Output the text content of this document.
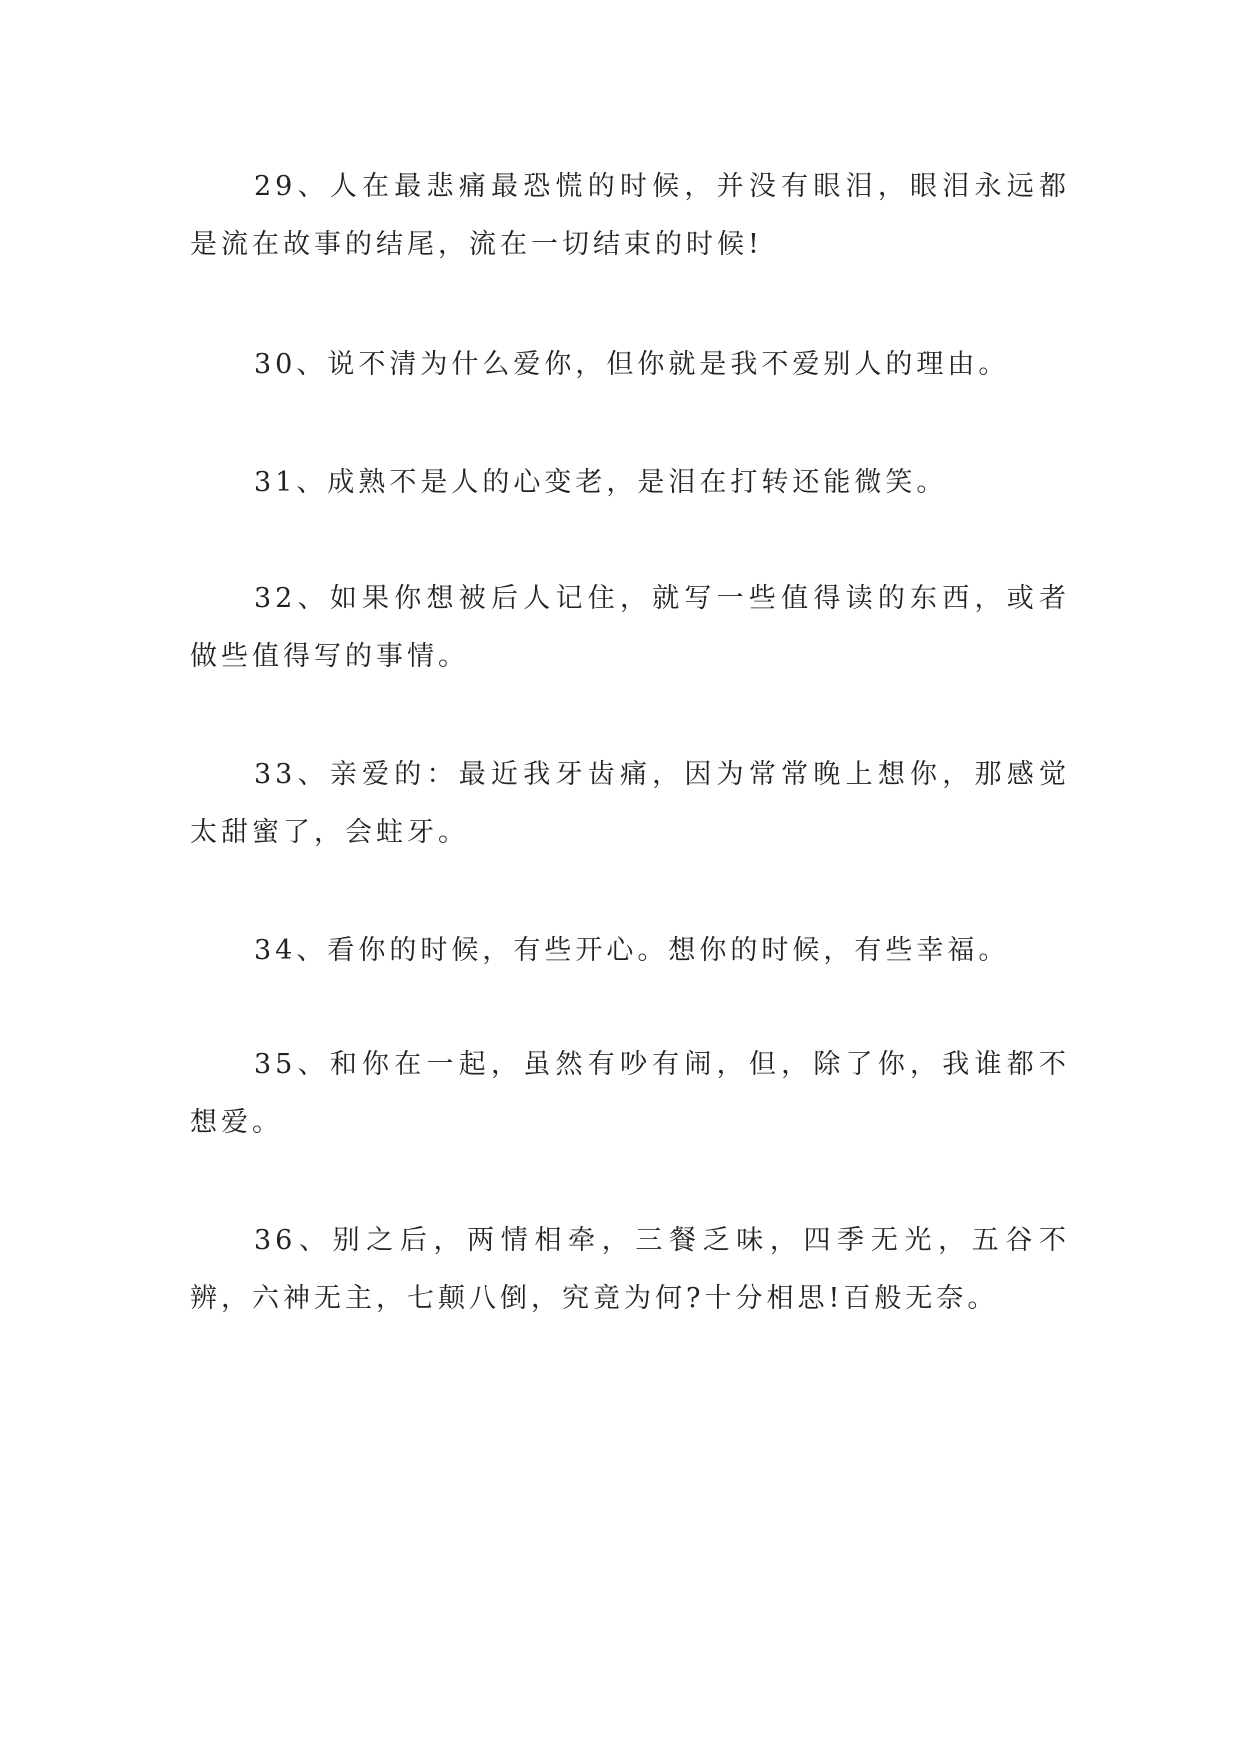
29、人在最悲痛最恐慌的时候，并没有眼泪，眼泪永远都是流在故事的结尾，流在一切结束的时候!

30、说不清为什么爱你，但你就是我不爱别人的理由。

31、成熟不是人的心变老，是泪在打转还能微笑。

32、如果你想被后人记住，就写一些值得读的东西，或者做些值得写的事情。

33、亲爱的：最近我牙齿痛，因为常常晚上想你，那感觉太甜蜜了，会蛀牙。

34、看你的时候，有些开心。想你的时候，有些幸福。

35、和你在一起，虽然有吵有闹，但，除了你，我谁都不想爱。

36、别之后，两情相牵，三餐乏味，四季无光，五谷不辨，六神无主，七颠八倒，究竟为何?十分相思!百般无奈。
